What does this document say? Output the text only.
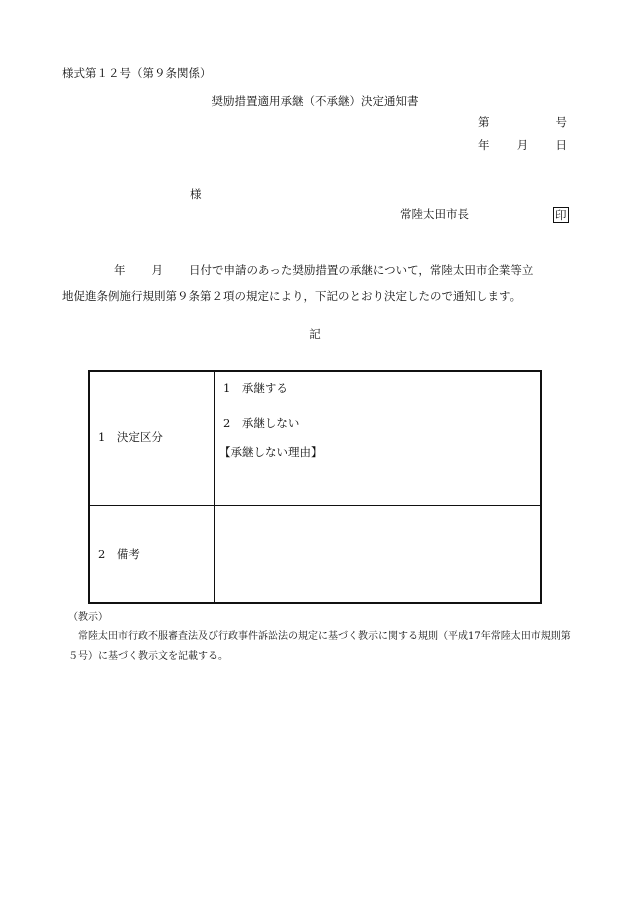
様式第１２号（第９条関係）
奨励措置適用承継（不承継）決定通知書
第	号
年 月 日
様
常陸太田市長	印
年 月 日付で申請のあった奨励措置の承継について，常陸太田市企業等立
地促進条例施行規則第９条第２項の規定により，下記のとおり決定したので通知します。
記
1　決定区分
1　承継する
2　承継しない
【承継しない理由】
2　備考
（教示）
常陸太田市行政不服審査法及び行政事件訴訟法の規定に基づく教示に関する規則（平成17年常陸太田市規則第５号）に基づく教示文を記載する。
